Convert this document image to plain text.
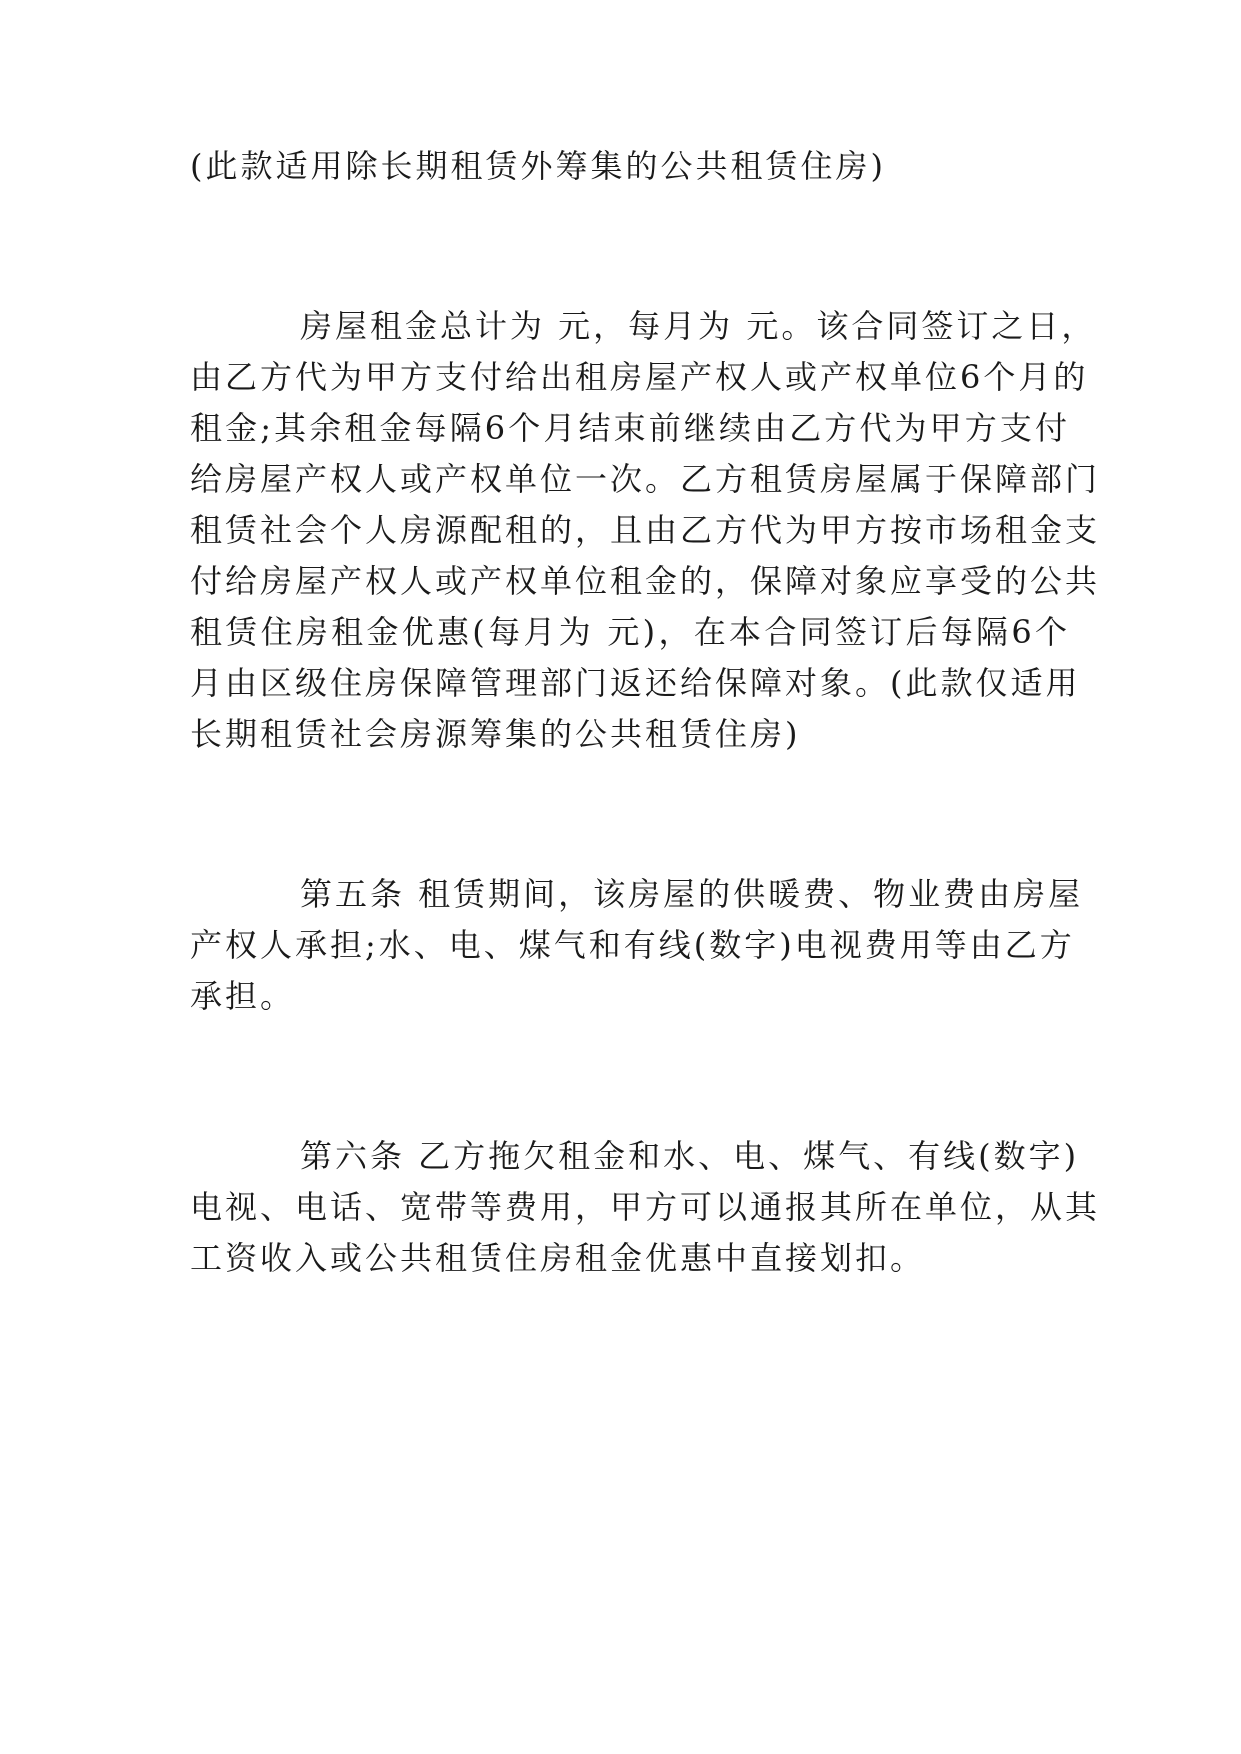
(此款适用除长期租赁外筹集的公共租赁住房)
房屋租金总计为 元，每月为 元。该合同签订之日，
由乙方代为甲方支付给出租房屋产权人或产权单位6个月的
租金;其余租金每隔6个月结束前继续由乙方代为甲方支付
给房屋产权人或产权单位一次。乙方租赁房屋属于保障部门
租赁社会个人房源配租的，且由乙方代为甲方按市场租金支
付给房屋产权人或产权单位租金的，保障对象应享受的公共
租赁住房租金优惠(每月为 元)，在本合同签订后每隔6个
月由区级住房保障管理部门返还给保障对象。(此款仅适用
长期租赁社会房源筹集的公共租赁住房)
第五条 租赁期间，该房屋的供暖费、物业费由房屋
产权人承担;水、电、煤气和有线(数字)电视费用等由乙方
承担。
第六条 乙方拖欠租金和水、电、煤气、有线(数字)
电视、电话、宽带等费用，甲方可以通报其所在单位，从其
工资收入或公共租赁住房租金优惠中直接划扣。
